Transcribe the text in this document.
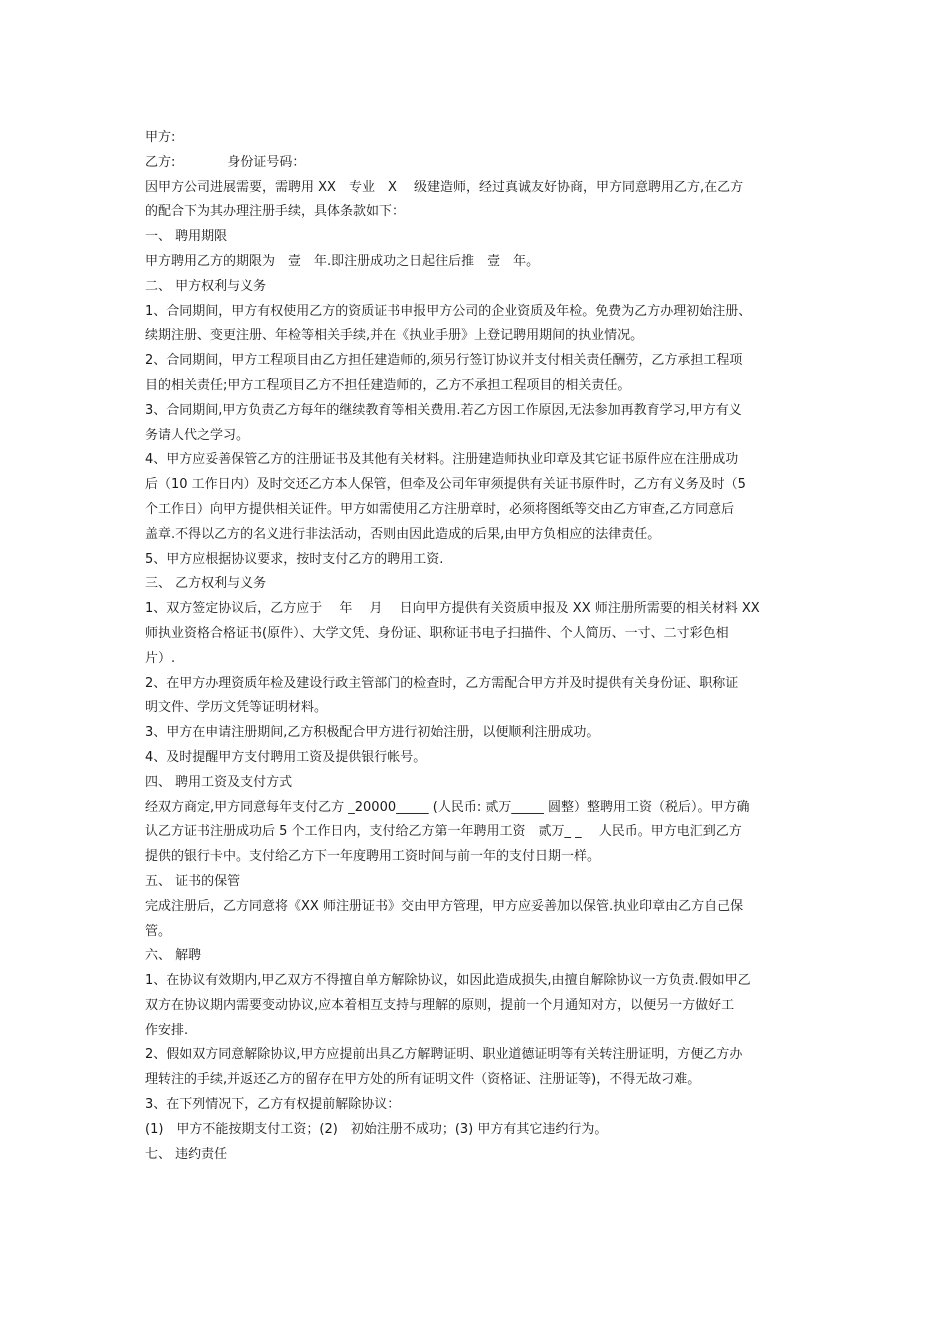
甲方:
乙方:　　　　身份证号码：
因甲方公司进展需要，需聘用 XX　专业　X　 级建造师，经过真诚友好协商，甲方同意聘用乙方,在乙方
的配合下为其办理注册手续，具体条款如下：
一、 聘用期限
甲方聘用乙方的期限为　壹　年.即注册成功之日起往后推　壹　年。
二、 甲方权利与义务
1、合同期间，甲方有权使用乙方的资质证书申报甲方公司的企业资质及年检。免费为乙方办理初始注册、
续期注册、变更注册、年检等相关手续,并在《执业手册》上登记聘用期间的执业情况。
2、合同期间，甲方工程项目由乙方担任建造师的,须另行签订协议并支付相关责任酬劳，乙方承担工程项
目的相关责任;甲方工程项目乙方不担任建造师的，乙方不承担工程项目的相关责任。
3、合同期间,甲方负责乙方每年的继续教育等相关费用.若乙方因工作原因,无法参加再教育学习,甲方有义
务请人代之学习。
4、甲方应妥善保管乙方的注册证书及其他有关材料。注册建造师执业印章及其它证书原件应在注册成功
后（10 工作日内）及时交还乙方本人保管，但牵及公司年审须提供有关证书原件时，乙方有义务及时（5
个工作日）向甲方提供相关证件。甲方如需使用乙方注册章时，必须将图纸等交由乙方审查,乙方同意后
盖章.不得以乙方的名义进行非法活动，否则由因此造成的后果,由甲方负相应的法律责任。
5、甲方应根据协议要求，按时支付乙方的聘用工资.
三、 乙方权利与义务
1、双方签定协议后，乙方应于　 年　 月　 日向甲方提供有关资质申报及 XX 师注册所需要的相关材料 XX
师执业资格合格证书(原件）、大学文凭、身份证、职称证书电子扫描件、个人简历、一寸、二寸彩色相
片）.
2、在甲方办理资质年检及建设行政主管部门的检查时，乙方需配合甲方并及时提供有关身份证、职称证
明文件、学历文凭等证明材料。
3、甲方在申请注册期间,乙方积极配合甲方进行初始注册，以便顺利注册成功。
4、及时提醒甲方支付聘用工资及提供银行帐号。
四、 聘用工资及支付方式
经双方商定,甲方同意每年支付乙方 _20000_____ (人民币: 贰万_____ 圆整）整聘用工资（税后）。甲方确
认乙方证书注册成功后 5 个工作日内，支付给乙方第一年聘用工资　贰万_ _　 人民币。甲方电汇到乙方
提供的银行卡中。支付给乙方下一年度聘用工资时间与前一年的支付日期一样。
五、 证书的保管
完成注册后，乙方同意将《XX 师注册证书》交由甲方管理，甲方应妥善加以保管.执业印章由乙方自己保
管。
六、 解聘
1、在协议有效期内,甲乙双方不得擅自单方解除协议，如因此造成损失,由擅自解除协议一方负责.假如甲乙
双方在协议期内需要变动协议,应本着相互支持与理解的原则，提前一个月通知对方，以便另一方做好工
作安排.
2、假如双方同意解除协议,甲方应提前出具乙方解聘证明、职业道德证明等有关转注册证明，方便乙方办
理转注的手续,并返还乙方的留存在甲方处的所有证明文件（资格证、注册证等)，不得无故刁难。
3、在下列情况下，乙方有权提前解除协议：
(1)　甲方不能按期支付工资；(2)　初始注册不成功；(3) 甲方有其它违约行为。
七、 违约责任
